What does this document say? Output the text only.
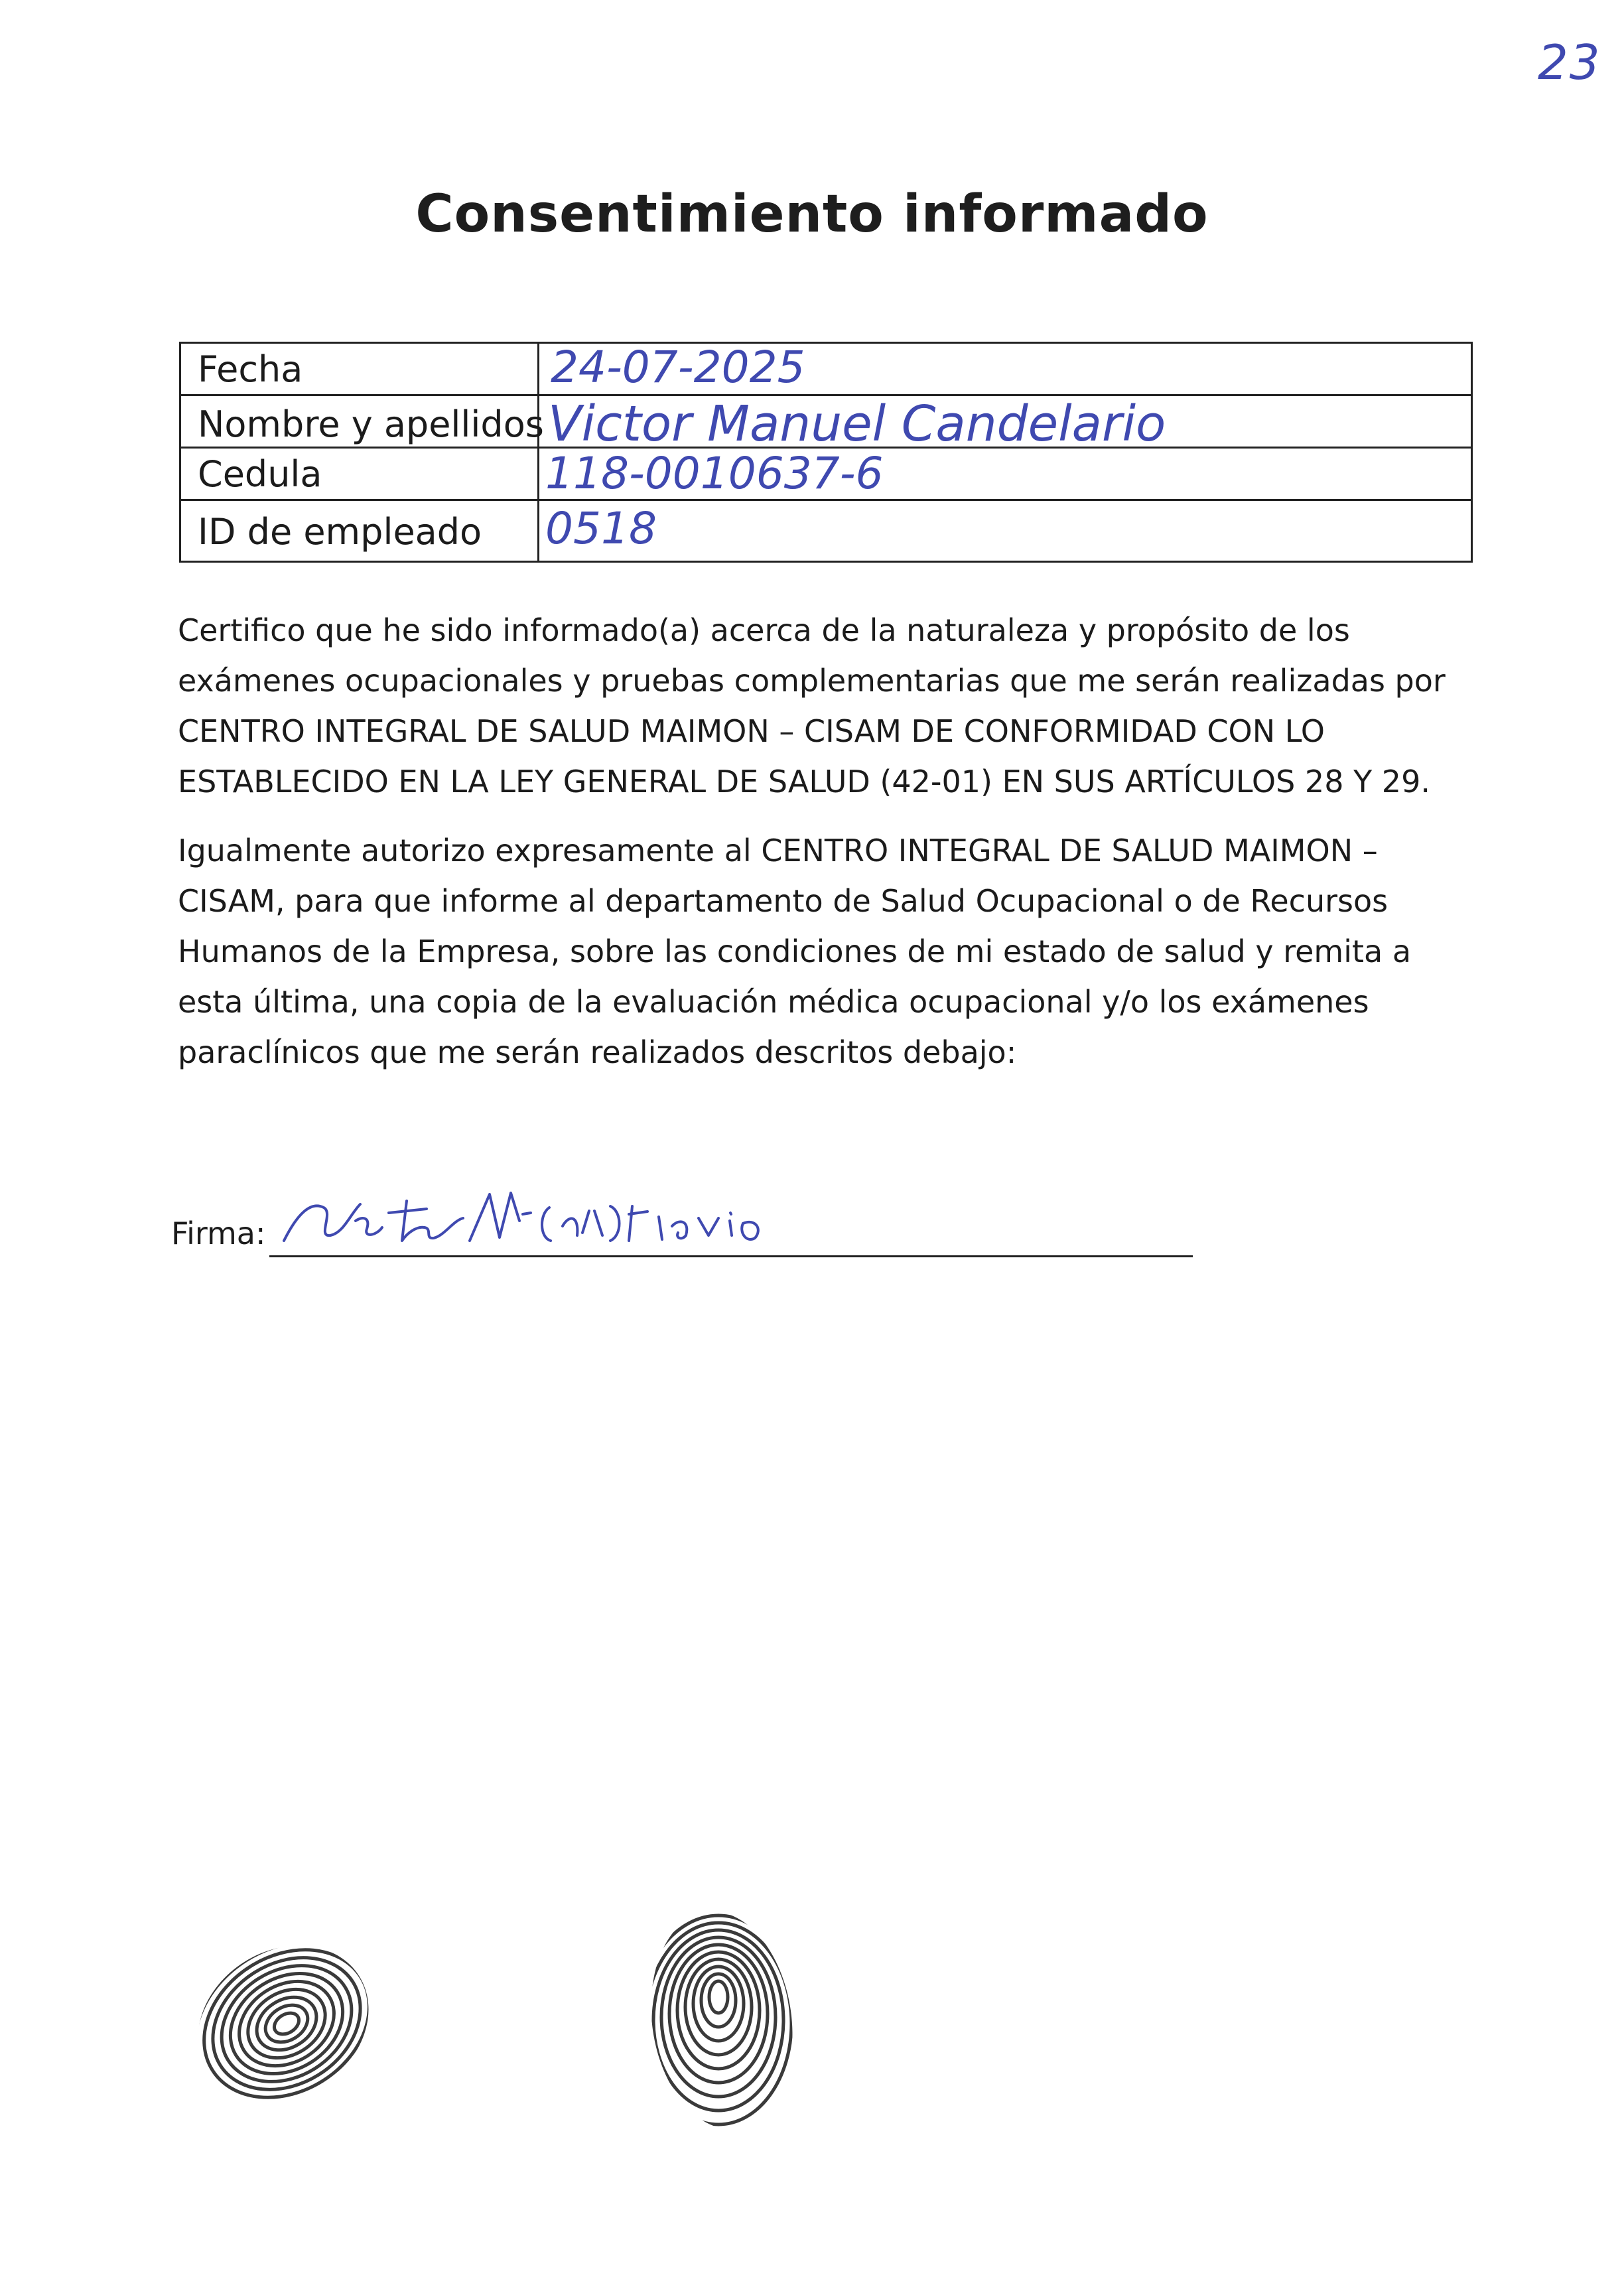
23
Consentimiento informado
Fecha	24-07-2025
Nombre y apellidos Victor Manuel Candelario
Cedula	118-0010637-6
ID de empleado 0518

Certifico que he sido informado(a) acerca de la naturaleza y propósito de los exámenes ocupacionales y pruebas complementarias que me serán realizadas por CENTRO INTEGRAL DE SALUD MAIMON – CISAM DE CONFORMIDAD CON LO ESTABLECIDO EN LA LEY GENERAL DE SALUD (42-01) EN SUS ARTÍCULOS 28 Y 29.

Igualmente autorizo expresamente al CENTRO INTEGRAL DE SALUD MAIMON – CISAM, para que informe al departamento de Salud Ocupacional o de Recursos Humanos de la Empresa, sobre las condiciones de mi estado de salud y remita a esta última, una copia de la evaluación médica ocupacional y/o los exámenes paraclínicos que me serán realizados descritos debajo:

Firma:
